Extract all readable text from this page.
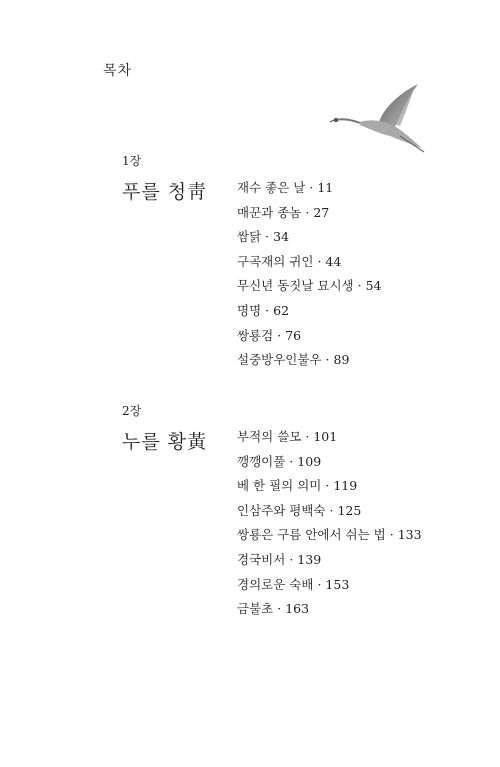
목차
1장
푸를 청靑 재수 좋은 날 · 11
매꾼과 종놈 · 27
쌈닭 · 34
구곡재의 귀인 · 44
무신년 동짓날 묘시생 · 54
명명 · 62
쌍룡검 · 76
설중방우인불우 · 89
2장
누를 황黃 부적의 쓸모 · 101
깽깽이풀 · 109
베 한 필의 의미 · 119
인삼주와 평백숙 · 125
쌍룡은 구름 안에서 쉬는 법 · 133
경국비서 · 139
경의로운 숙배 · 153
금불초 · 163
